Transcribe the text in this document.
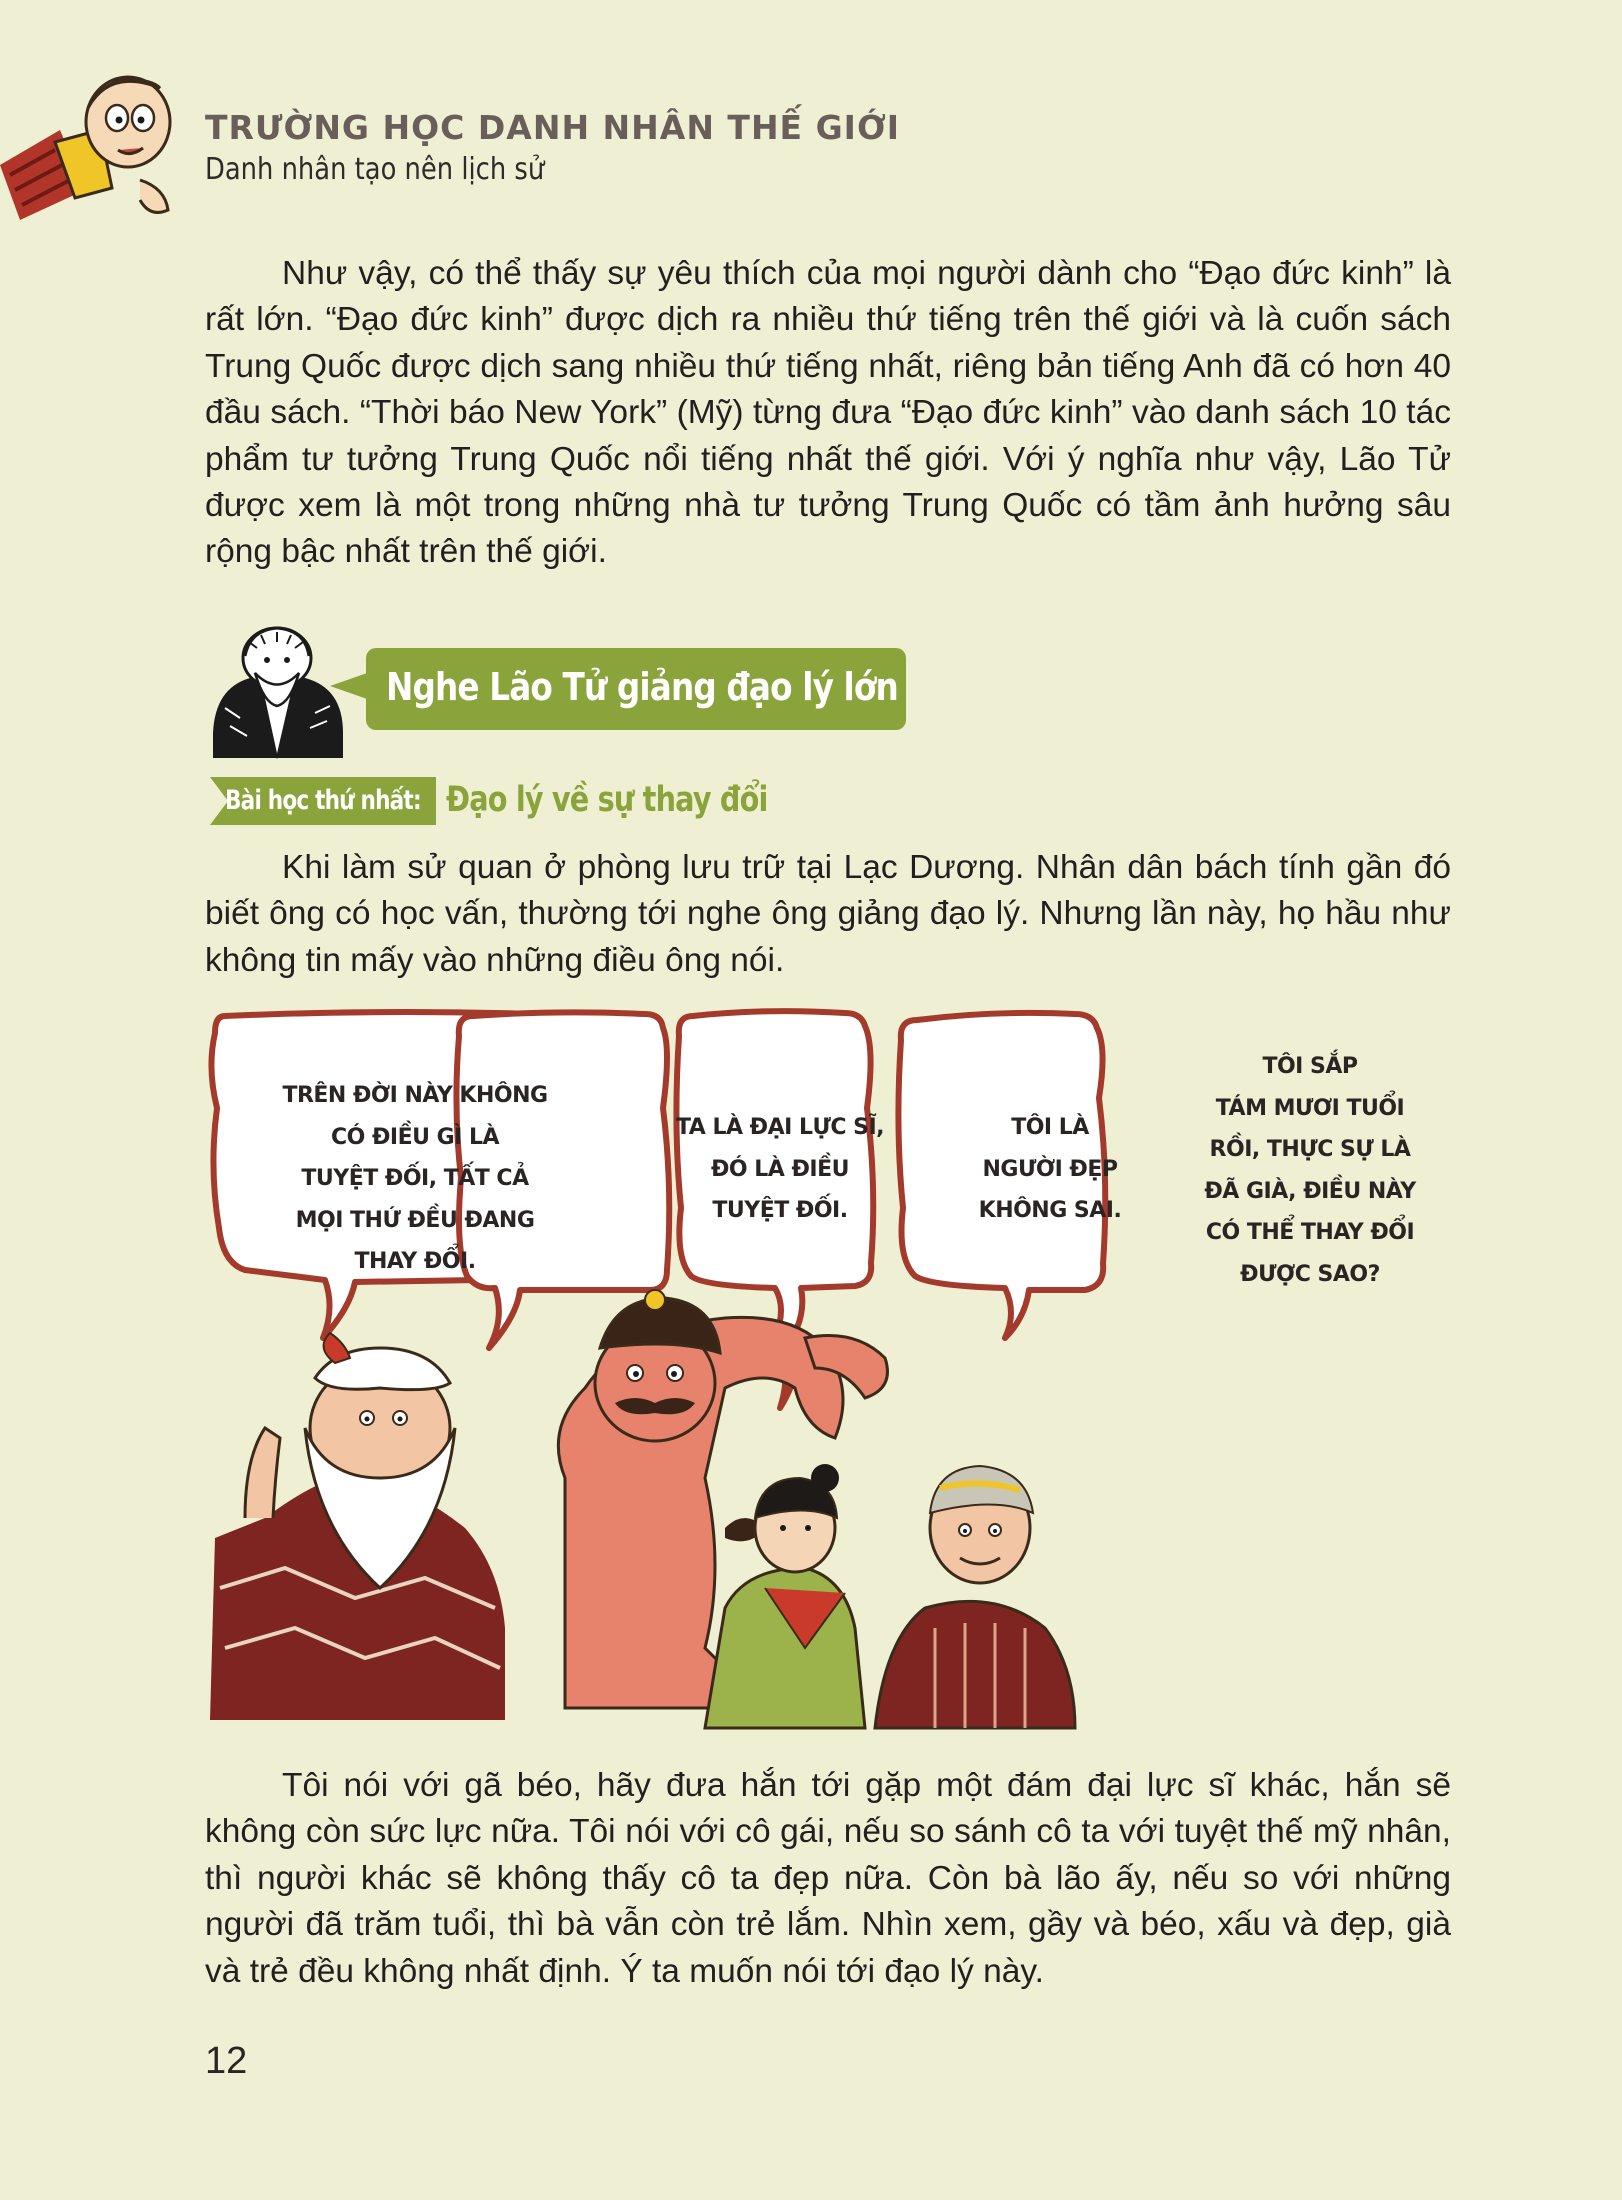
TRƯỜNG HỌC DANH NHÂN THẾ GIỚI
Danh nhân tạo nên lịch sử

Như vậy, có thể thấy sự yêu thích của mọi người dành cho “Đạo đức kinh” là rất lớn. “Đạo đức kinh” được dịch ra nhiều thứ tiếng trên thế giới và là cuốn sách Trung Quốc được dịch sang nhiều thứ tiếng nhất, riêng bản tiếng Anh đã có hơn 40 đầu sách. “Thời báo New York” (Mỹ) từng đưa “Đạo đức kinh” vào danh sách 10 tác phẩm tư tưởng Trung Quốc nổi tiếng nhất thế giới. Với ý nghĩa như vậy, Lão Tử được xem là một trong những nhà tư tưởng Trung Quốc có tầm ảnh hưởng sâu rộng bậc nhất trên thế giới.

Nghe Lão Tử giảng đạo lý lớn
Bài học thứ nhất: Đạo lý về sự thay đổi

Khi làm sử quan ở phòng lưu trữ tại Lạc Dương. Nhân dân bách tính gần đó biết ông có học vấn, thường tới nghe ông giảng đạo lý. Nhưng lần này, họ hầu như không tin mấy vào những điều ông nói.

TRÊN ĐỜI NÀY KHÔNG
CÓ ĐIỀU GÌ LÀ
TUYỆT ĐỐI, TẤT CẢ
MỌI THỨ ĐỀU ĐANG
THAY ĐỔI.
TA LÀ ĐẠI LỰC SĨ,
ĐÓ LÀ ĐIỀU
TUYỆT ĐỐI.
TÔI LÀ
NGƯỜI ĐẸP
KHÔNG SAI.
TÔI SẮP
TÁM MƯƠI TUỔI
RỒI, THỰC SỰ LÀ
ĐÃ GIÀ, ĐIỀU NÀY
CÓ THỂ THAY ĐỔI
ĐƯỢC SAO?

Tôi nói với gã béo, hãy đưa hắn tới gặp một đám đại lực sĩ khác, hắn sẽ không còn sức lực nữa. Tôi nói với cô gái, nếu so sánh cô ta với tuyệt thế mỹ nhân, thì người khác sẽ không thấy cô ta đẹp nữa. Còn bà lão ấy, nếu so với những người đã trăm tuổi, thì bà vẫn còn trẻ lắm. Nhìn xem, gầy và béo, xấu và đẹp, già và trẻ đều không nhất định. Ý ta muốn nói tới đạo lý này.

12
